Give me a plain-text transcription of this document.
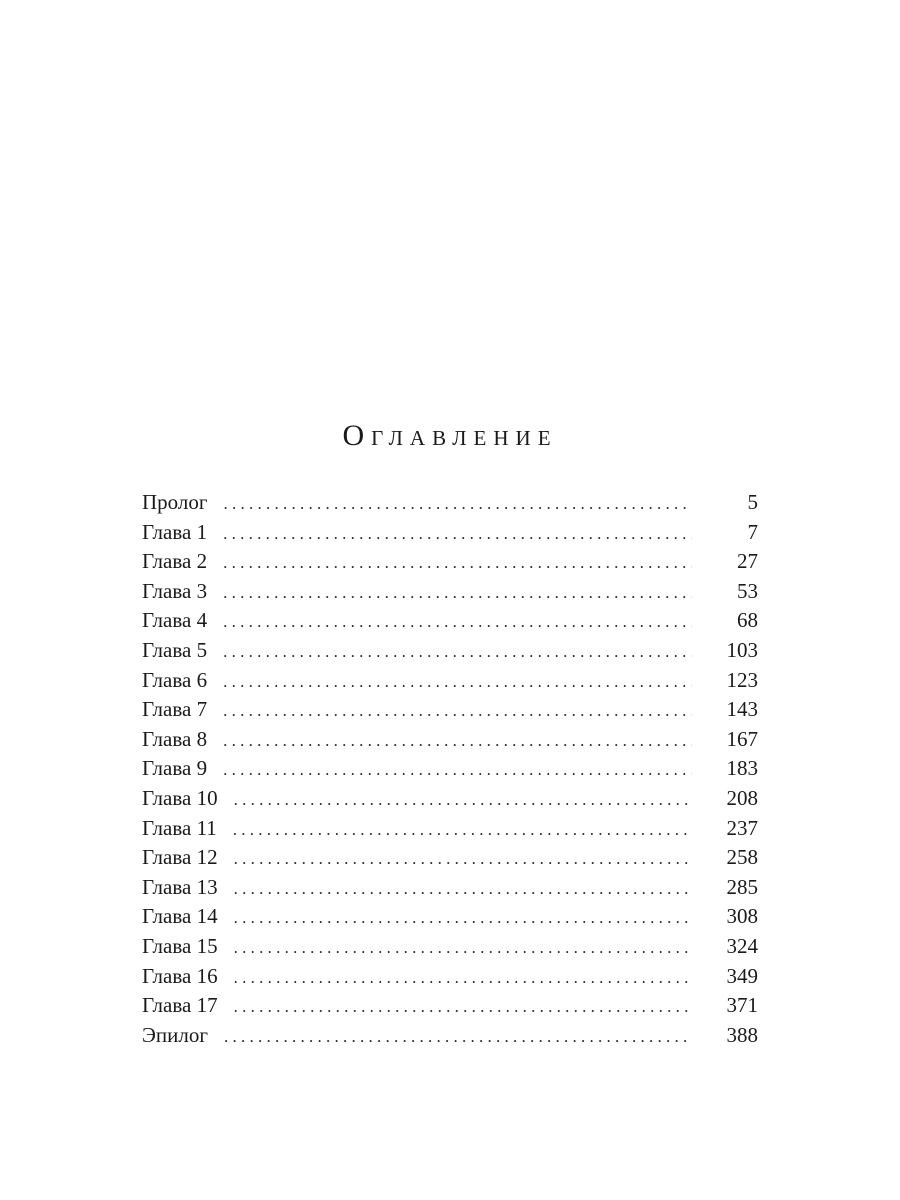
Оглавление
Пролог . . .	5
Глава 1 . . .	7
Глава 2 . . .	27
Глава 3 . . .	53
Глава 4 . . .	68
Глава 5 . . .	103
Глава 6 . . .	123
Глава 7 . . .	143
Глава 8 . . .	167
Глава 9 . . .	183
Глава 10 . . .	208
Глава 11 . . .	237
Глава 12 . . .	258
Глава 13 . . .	285
Глава 14 . . .	308
Глава 15 . . .	324
Глава 16 . . .	349
Глава 17 . . .	371
Эпилог . . .	388
